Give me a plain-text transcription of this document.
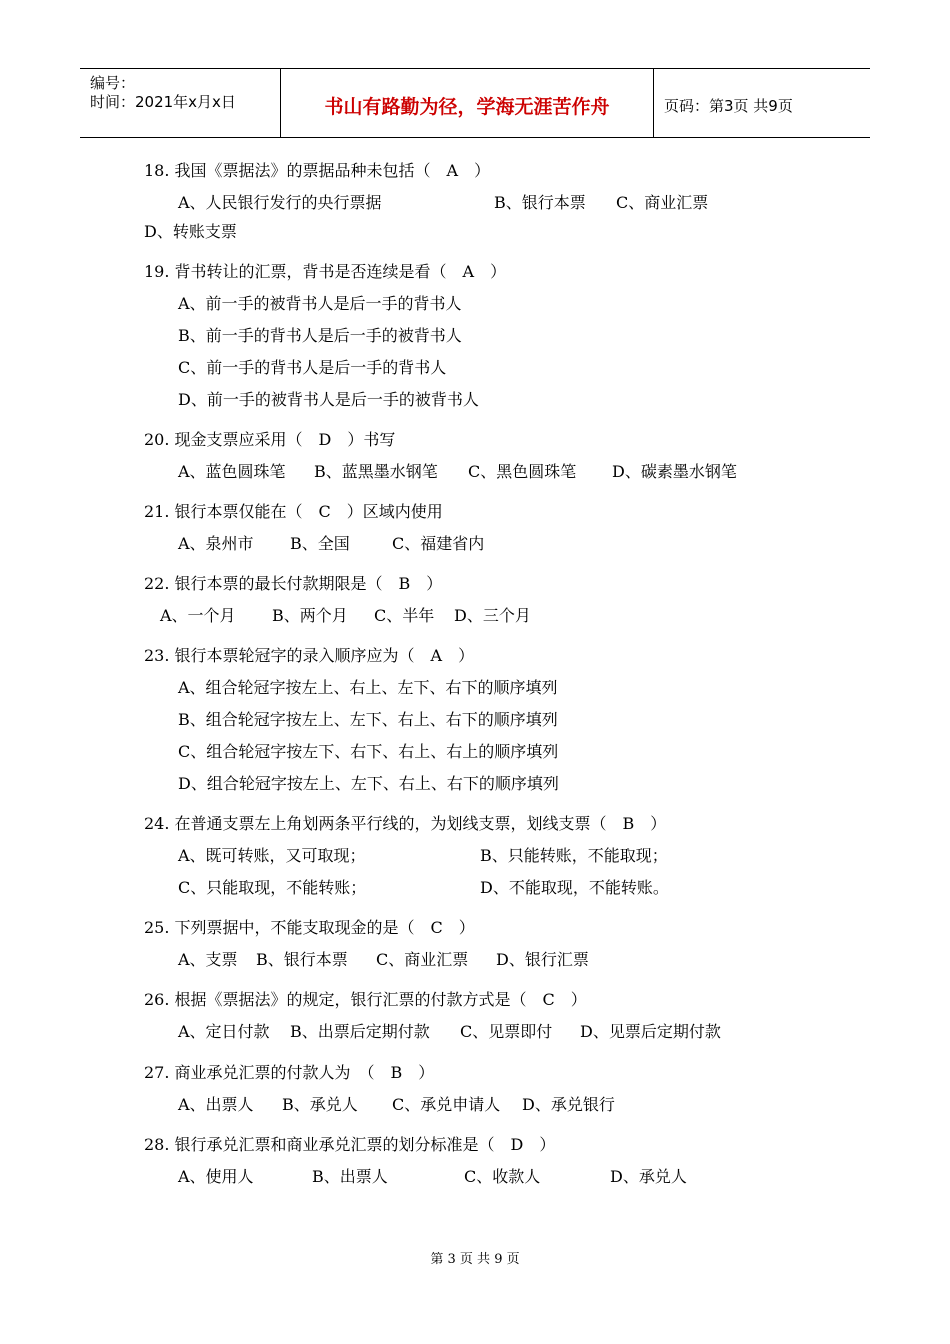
编号：
时间：2021年x月x日	书山有路勤为径，学海无涯苦作舟	页码：第3页 共9页
18. 我国《票据法》的票据品种未包括（　A　）
A、人民银行发行的央行票据	B、银行本票 C、商业汇票
D、转账支票
19. 背书转让的汇票，背书是否连续是看（　A　）
A、前一手的被背书人是后一手的背书人
B、前一手的背书人是后一手的被背书人
C、前一手的背书人是后一手的背书人
D、前一手的被背书人是后一手的被背书人
20. 现金支票应采用（　D　）书写
A、蓝色圆珠笔 B、蓝黑墨水钢笔 C、黑色圆珠笔 D、碳素墨水钢笔
21. 银行本票仅能在（　C　）区域内使用
A、泉州市 B、全国	C、福建省内
22. 银行本票的最长付款期限是（　B　）
A、一个月 B、两个月 C、半年 D、三个月
23. 银行本票轮冠字的录入顺序应为（　A　）
A、组合轮冠字按左上、右上、左下、右下的顺序填列
B、组合轮冠字按左上、左下、右上、右下的顺序填列
C、组合轮冠字按左下、右下、右上、右上的顺序填列
D、组合轮冠字按左上、左下、右上、右下的顺序填列
24. 在普通支票左上角划两条平行线的，为划线支票，划线支票（　B　）
A、既可转账，又可取现；	B、只能转账，不能取现；
C、只能取现，不能转账；	D、不能取现，不能转账。
25. 下列票据中，不能支取现金的是（　C　）
A、支票 B、银行本票 C、商业汇票 D、银行汇票
26. 根据《票据法》的规定，银行汇票的付款方式是（　C　）
A、定日付款 B、出票后定期付款 C、见票即付 D、见票后定期付款
27. 商业承兑汇票的付款人为　（　B　）
A、出票人 B、承兑人 C、承兑申请人 D、承兑银行
28. 银行承兑汇票和商业承兑汇票的划分标准是（　D　）
A、使用人	B、出票人	C、收款人	D、承兑人
第 3 页 共 9 页
